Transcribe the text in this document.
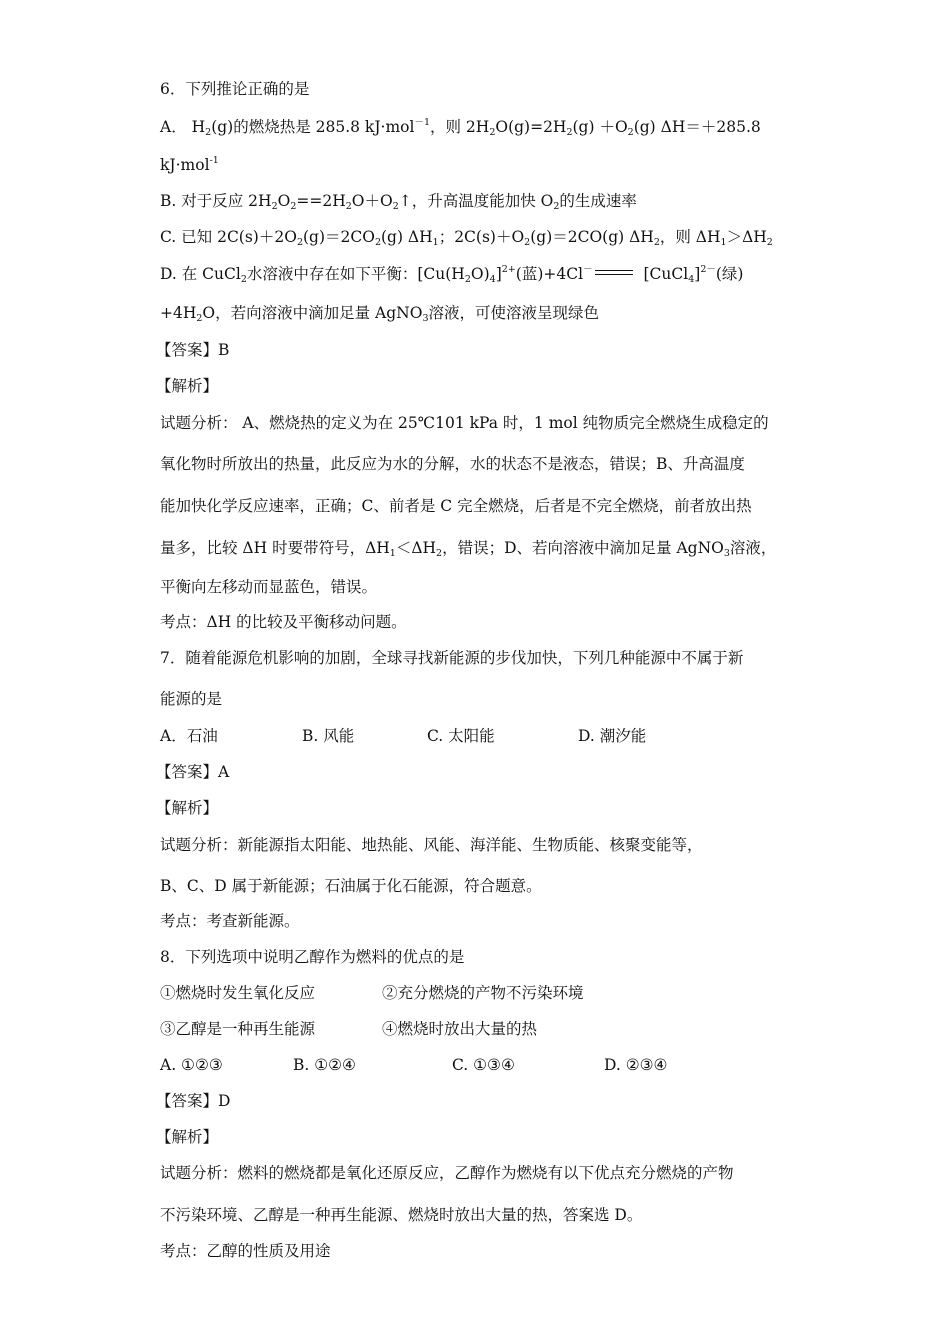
6．下列推论正确的是
A． $H_2(g)$的燃烧热是 285.8 kJ·mol$^{-1}$，则 $2H_2O(g)=2H_2(g) +O_2(g)$ ΔH＝＋285.8
kJ·mol$^{-1}$
B. 对于反应 $2H_2O_2==2H_2O+O_2↑$，升高温度能加快 $O_2$的生成速率
C. 已知 $2C(s)+2O_2(g)=2CO_2(g)$ $\Delta H_1$；$2C(s)+O_2(g)=2CO(g)$ $\Delta H_2$，则 $\Delta H_1>\Delta H_2$
D. 在 CuCl$_2$水溶液中存在如下平衡：$[Cu(H_2O)_4]^{2+}$(蓝)+4Cl－	[CuCl$_4$]$^{2-}$(绿)
$+4H_2O$，若向溶液中滴加足量 AgNO$_3$溶液，可使溶液呈现绿色
【答案】B
【解析】
试题分析： A、燃烧热的定义为在 25℃101 kPa 时，1 mol 纯物质完全燃烧生成稳定的
氧化物时所放出的热量，此反应为水的分解，水的状态不是液态，错误；B、升高温度
能加快化学反应速率，正确；C、前者是 C 完全燃烧，后者是不完全燃烧，前者放出热
量多，比较 ΔH 时要带符号，$\Delta H_1<\Delta H_2$，错误；D、若向溶液中滴加足量 AgNO$_3$溶液，
平衡向左移动而显蓝色，错误。
考点：ΔH 的比较及平衡移动问题。
7．随着能源危机影响的加剧，全球寻找新能源的步伐加快，下列几种能源中不属于新
能源的是
A．石油	B. 风能	C. 太阳能	D. 潮汐能
【答案】A
【解析】
试题分析：新能源指太阳能、地热能、风能、海洋能、生物质能、核聚变能等，
B、C、D 属于新能源；石油属于化石能源，符合题意。
考点：考查新能源。
8．下列选项中说明乙醇作为燃料的优点的是
①燃烧时发生氧化反应	②充分燃烧的产物不污染环境
③乙醇是一种再生能源	④燃烧时放出大量的热
A. ①②③	B. ①②④	C. ①③④	D. ②③④
【答案】D
【解析】
试题分析：燃料的燃烧都是氧化还原反应，乙醇作为燃烧有以下优点充分燃烧的产物
不污染环境、乙醇是一种再生能源、燃烧时放出大量的热，答案选 D。
考点：乙醇的性质及用途
